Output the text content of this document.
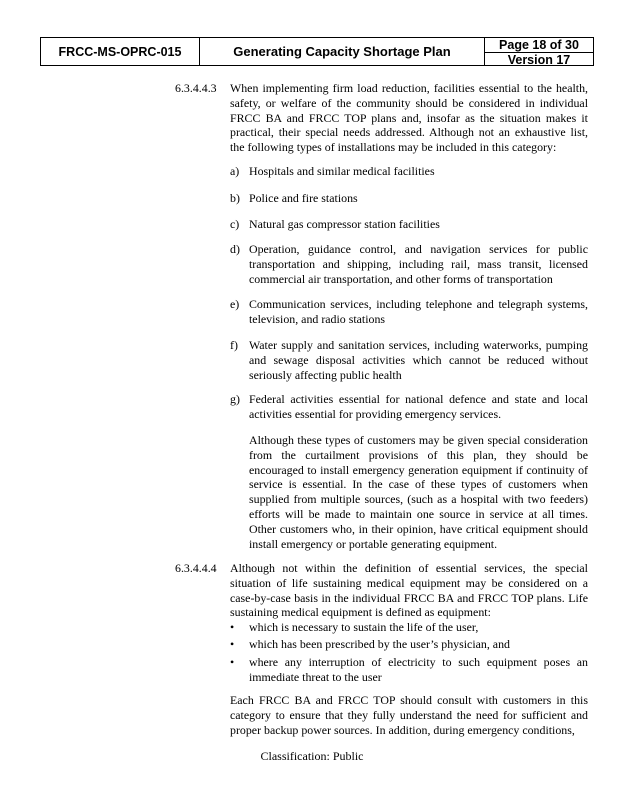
FRCC-MS-OPRC-015	Generating Capacity Shortage Plan	Page 18 of 30
Version 17
6.3.4.4.3 When implementing firm load reduction, facilities essential to the health, safety, or welfare of the community should be considered in individual FRCC BA and FRCC TOP plans and, insofar as the situation makes it practical, their special needs addressed. Although not an exhaustive list, the following types of installations may be included in this category:
a) Hospitals and similar medical facilities
b) Police and fire stations
c) Natural gas compressor station facilities
d) Operation, guidance control, and navigation services for public transportation and shipping, including rail, mass transit, licensed commercial air transportation, and other forms of transportation
e) Communication services, including telephone and telegraph systems, television, and radio stations
f) Water supply and sanitation services, including waterworks, pumping and sewage disposal activities which cannot be reduced without seriously affecting public health
g) Federal activities essential for national defence and state and local activities essential for providing emergency services.
Although these types of customers may be given special consideration from the curtailment provisions of this plan, they should be encouraged to install emergency generation equipment if continuity of service is essential. In the case of these types of customers when supplied from multiple sources, (such as a hospital with two feeders) efforts will be made to maintain one source in service at all times. Other customers who, in their opinion, have critical equipment should install emergency or portable generating equipment.
6.3.4.4.4 Although not within the definition of essential services, the special situation of life sustaining medical equipment may be considered on a case-by-case basis in the individual FRCC BA and FRCC TOP plans. Life sustaining medical equipment is defined as equipment:
• which is necessary to sustain the life of the user,
• which has been prescribed by the user’s physician, and
• where any interruption of electricity to such equipment poses an immediate threat to the user
Each FRCC BA and FRCC TOP should consult with customers in this category to ensure that they fully understand the need for sufficient and proper backup power sources. In addition, during emergency conditions,
Classification: Public
